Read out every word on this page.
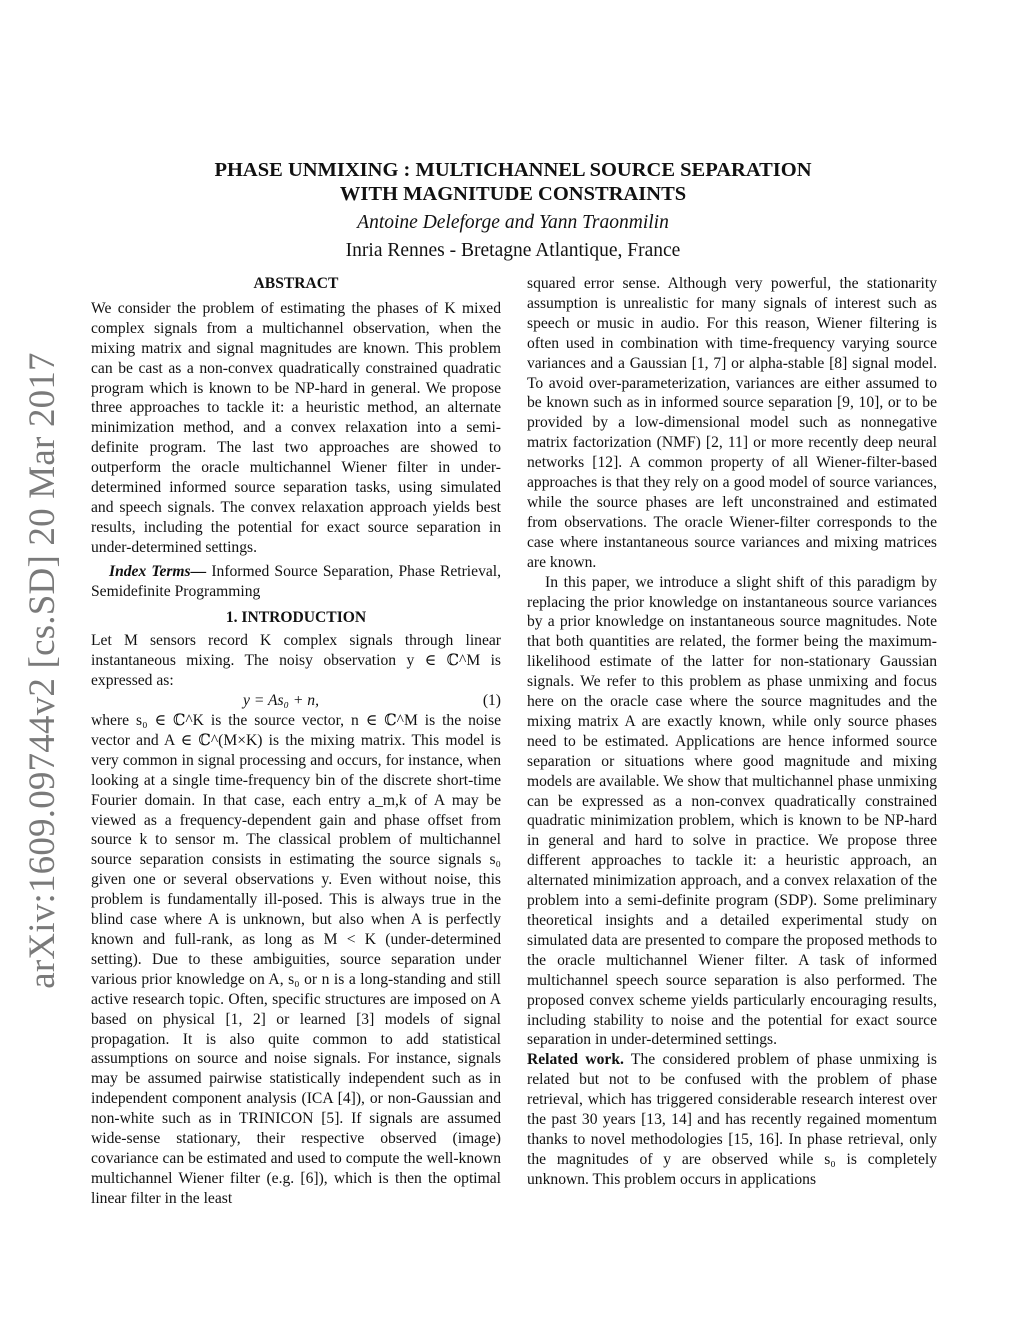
arXiv:1609.09744v2 [cs.SD] 20 Mar 2017
PHASE UNMIXING : MULTICHANNEL SOURCE SEPARATION
WITH MAGNITUDE CONSTRAINTS
Antoine Deleforge and Yann Traonmilin
Inria Rennes - Bretagne Atlantique, France
ABSTRACT

We consider the problem of estimating the phases of K mixed complex signals from a multichannel observation, when the mixing matrix and signal magnitudes are known. This problem can be cast as a non-convex quadratically constrained quadratic program which is known to be NP-hard in general. We propose three approaches to tackle it: a heuristic method, an alternate minimization method, and a convex relaxation into a semi-definite program. The last two approaches are showed to outperform the oracle multichannel Wiener filter in under-determined informed source separation tasks, using simulated and speech signals. The convex relaxation approach yields best results, including the potential for exact source separation in under-determined settings.

Index Terms— Informed Source Separation, Phase Retrieval, Semidefinite Programming

1. INTRODUCTION

Let M sensors record K complex signals through linear instantaneous mixing. The noisy observation y ∈ ℂ^M is expressed as:

y = As₀ + n,	(1)

where s₀ ∈ ℂ^K is the source vector, n ∈ ℂ^M is the noise vector and A ∈ ℂ^(M×K) is the mixing matrix. This model is very common in signal processing and occurs, for instance, when looking at a single time-frequency bin of the discrete short-time Fourier domain. In that case, each entry a_m,k of A may be viewed as a frequency-dependent gain and phase offset from source k to sensor m. The classical problem of multichannel source separation consists in estimating the source signals s₀ given one or several observations y. Even without noise, this problem is fundamentally ill-posed. This is always true in the blind case where A is unknown, but also when A is perfectly known and full-rank, as long as M < K (under-determined setting). Due to these ambiguities, source separation under various prior knowledge on A, s₀ or n is a long-standing and still active research topic. Often, specific structures are imposed on A based on physical [1, 2] or learned [3] models of signal propagation. It is also quite common to add statistical assumptions on source and noise signals. For instance, signals may be assumed pairwise statistically independent such as in independent component analysis (ICA [4]), or non-Gaussian and non-white such as in TRINICON [5]. If signals are assumed wide-sense stationary, their respective observed (image) covariance can be estimated and used to compute the well-known multichannel Wiener filter (e.g. [6]), which is then the optimal linear filter in the least

squared error sense. Although very powerful, the stationarity assumption is unrealistic for many signals of interest such as speech or music in audio. For this reason, Wiener filtering is often used in combination with time-frequency varying source variances and a Gaussian [1, 7] or alpha-stable [8] signal model. To avoid over-parameterization, variances are either assumed to be known such as in informed source separation [9, 10], or to be provided by a low-dimensional model such as nonnegative matrix factorization (NMF) [2, 11] or more recently deep neural networks [12]. A common property of all Wiener-filter-based approaches is that they rely on a good model of source variances, while the source phases are left unconstrained and estimated from observations. The oracle Wiener-filter corresponds to the case where instantaneous source variances and mixing matrices are known.

In this paper, we introduce a slight shift of this paradigm by replacing the prior knowledge on instantaneous source variances by a prior knowledge on instantaneous source magnitudes. Note that both quantities are related, the former being the maximum-likelihood estimate of the latter for non-stationary Gaussian signals. We refer to this problem as phase unmixing and focus here on the oracle case where the source magnitudes and the mixing matrix A are exactly known, while only source phases need to be estimated. Applications are hence informed source separation or situations where good magnitude and mixing models are available. We show that multichannel phase unmixing can be expressed as a non-convex quadratically constrained quadratic minimization problem, which is known to be NP-hard in general and hard to solve in practice. We propose three different approaches to tackle it: a heuristic approach, an alternated minimization approach, and a convex relaxation of the problem into a semi-definite program (SDP). Some preliminary theoretical insights and a detailed experimental study on simulated data are presented to compare the proposed methods to the oracle multichannel Wiener filter. A task of informed multichannel speech source separation is also performed. The proposed convex scheme yields particularly encouraging results, including stability to noise and the potential for exact source separation in under-determined settings.

Related work. The considered problem of phase unmixing is related but not to be confused with the problem of phase retrieval, which has triggered considerable research interest over the past 30 years [13, 14] and has recently regained momentum thanks to novel methodologies [15, 16]. In phase retrieval, only the magnitudes of y are observed while s₀ is completely unknown. This problem occurs in applications
